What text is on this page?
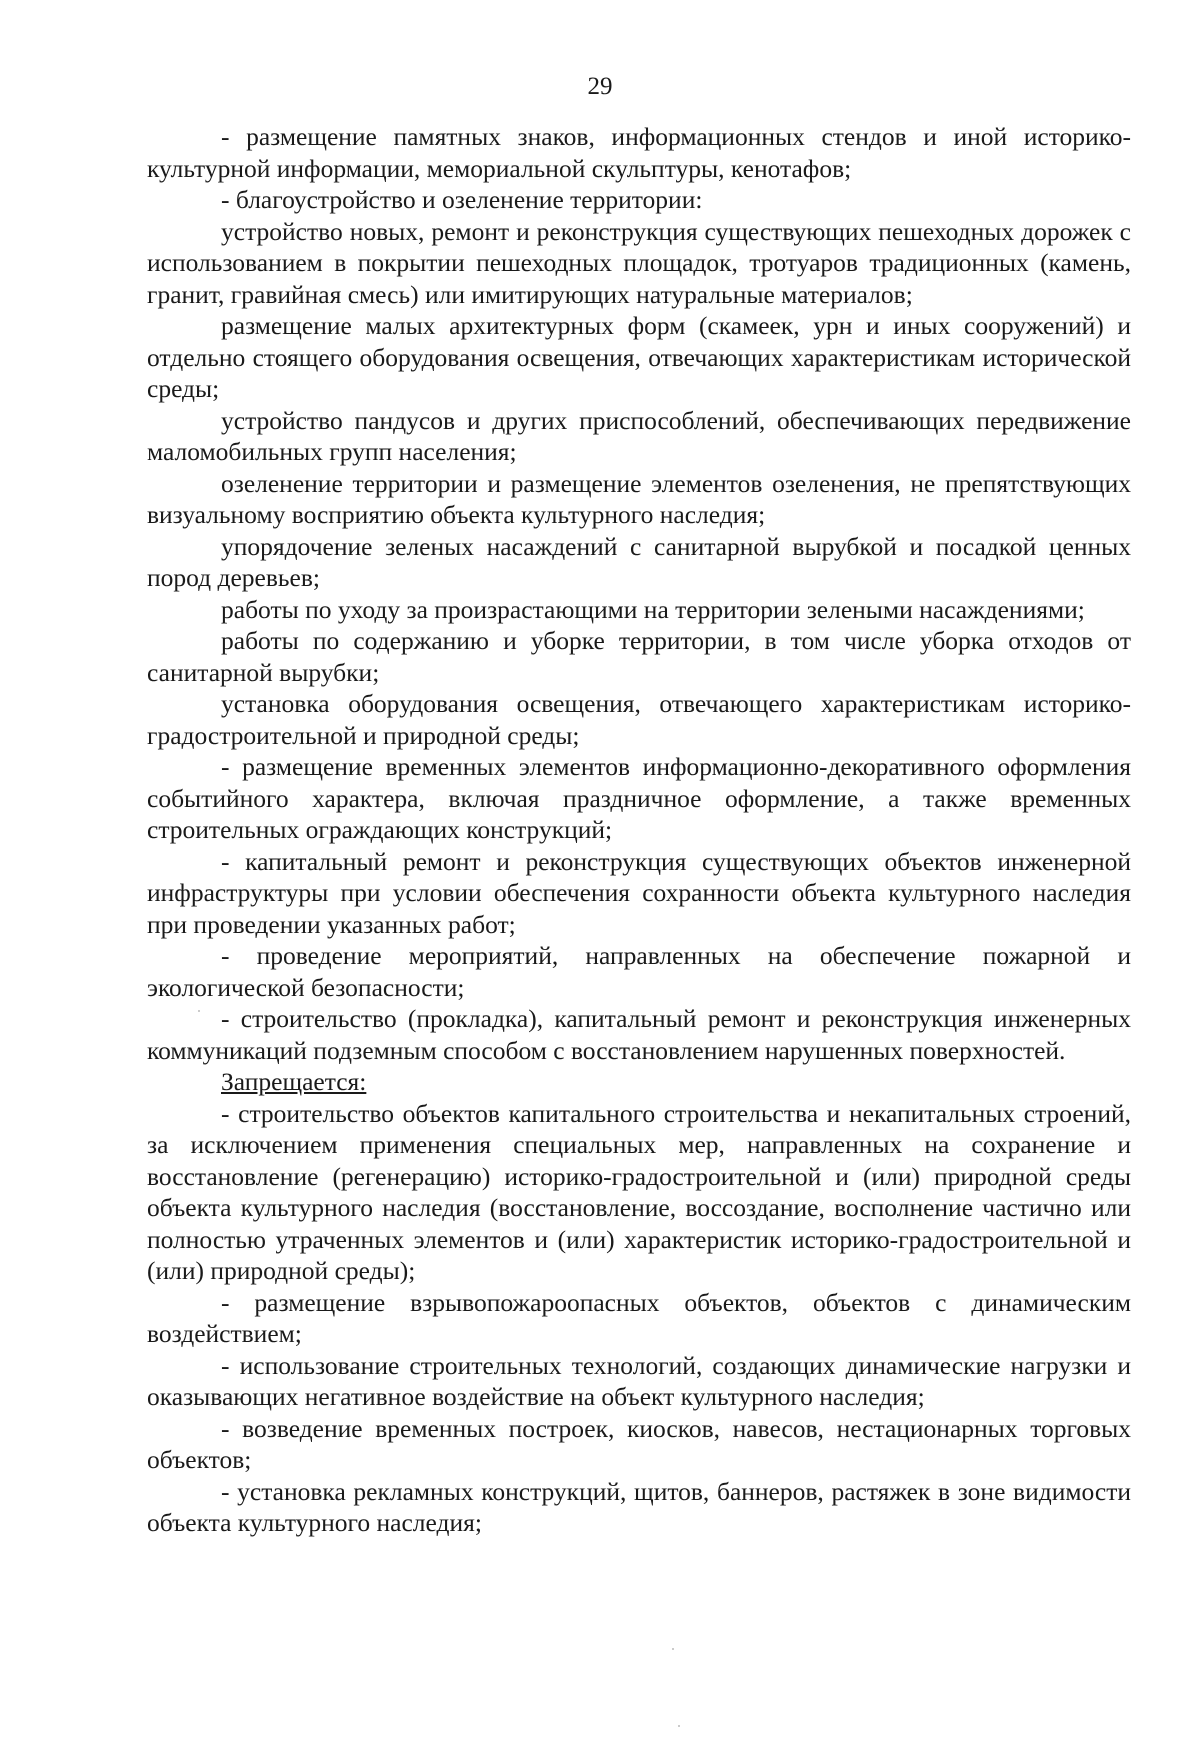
29

- размещение памятных знаков, информационных стендов и иной историко-культурной информации, мемориальной скульптуры, кенотафов;

- благоустройство и озеленение территории:

устройство новых, ремонт и реконструкция существующих пешеходных дорожек с использованием в покрытии пешеходных площадок, тротуаров традиционных (камень, гранит, гравийная смесь) или имитирующих натуральные материалов;

размещение малых архитектурных форм (скамеек, урн и иных сооружений) и отдельно стоящего оборудования освещения, отвечающих характеристикам исторической среды;

устройство пандусов и других приспособлений, обеспечивающих передвижение маломобильных групп населения;

озеленение территории и размещение элементов озеленения, не препятствующих визуальному восприятию объекта культурного наследия;

упорядочение зеленых насаждений с санитарной вырубкой и посадкой ценных пород деревьев;

работы по уходу за произрастающими на территории зелеными насаждениями;

работы по содержанию и уборке территории, в том числе уборка отходов от санитарной вырубки;

установка оборудования освещения, отвечающего характеристикам историко-градостроительной и природной среды;

- размещение временных элементов информационно-декоративного оформления событийного характера, включая праздничное оформление, а также временных строительных ограждающих конструкций;

- капитальный ремонт и реконструкция существующих объектов инженерной инфраструктуры при условии обеспечения сохранности объекта культурного наследия при проведении указанных работ;

- проведение мероприятий, направленных на обеспечение пожарной и экологической безопасности;

- строительство (прокладка), капитальный ремонт и реконструкция инженерных коммуникаций подземным способом с восстановлением нарушенных поверхностей.

Запрещается:

- строительство объектов капитального строительства и некапитальных строений, за исключением применения специальных мер, направленных на сохранение и восстановление (регенерацию) историко-градостроительной и (или) природной среды объекта культурного наследия (восстановление, воссоздание, восполнение частично или полностью утраченных элементов и (или) характеристик историко-градостроительной и (или) природной среды);

- размещение взрывопожароопасных объектов, объектов с динамическим воздействием;

- использование строительных технологий, создающих динамические нагрузки и оказывающих негативное воздействие на объект культурного наследия;

- возведение временных построек, киосков, навесов, нестационарных торговых объектов;

- установка рекламных конструкций, щитов, баннеров, растяжек в зоне видимости объекта культурного наследия;
